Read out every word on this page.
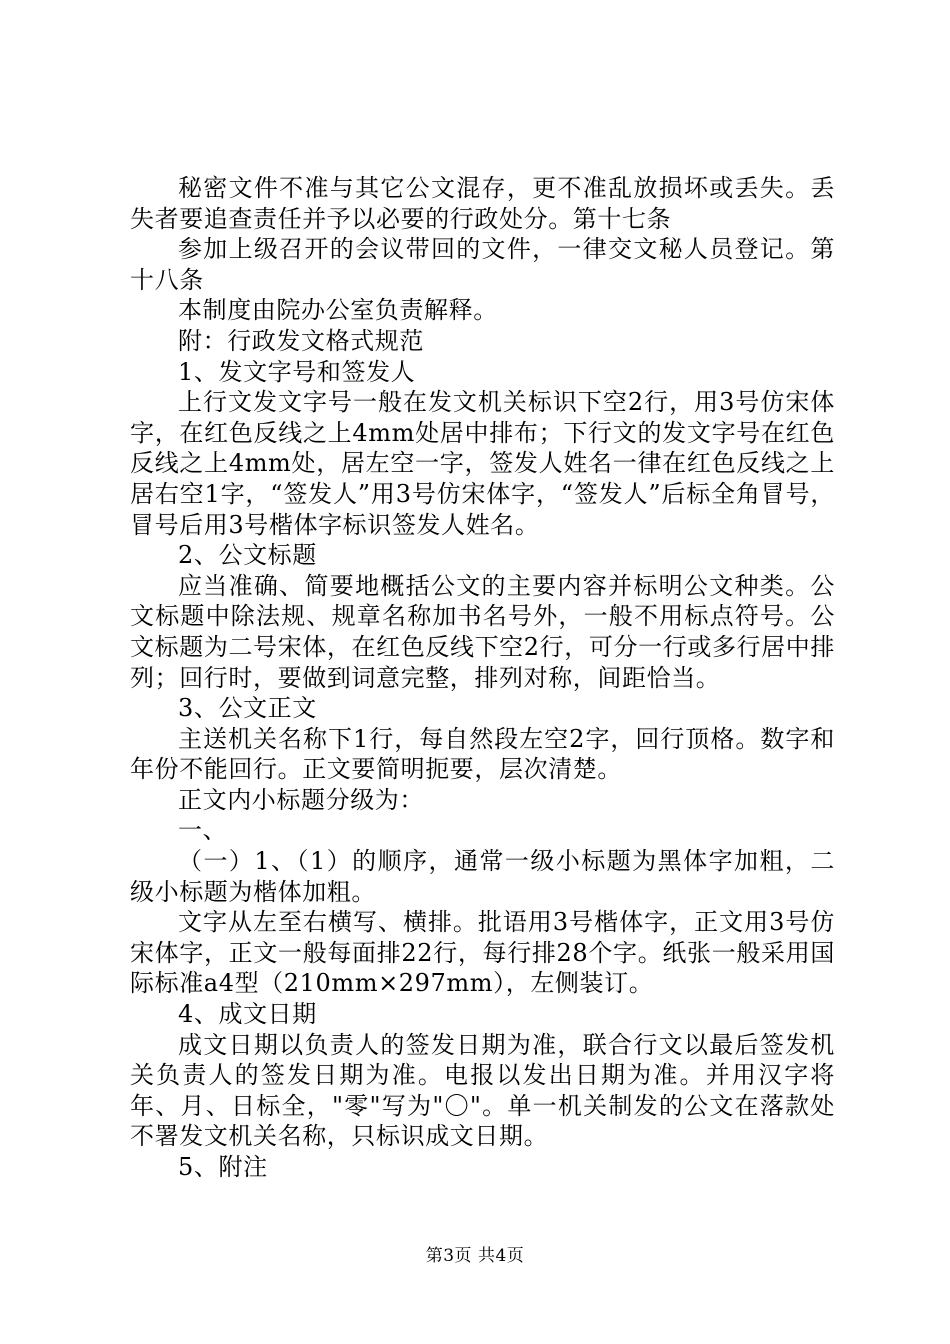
秘密文件不准与其它公文混存，更不准乱放损坏或丢失。丢失者要追查责任并予以必要的行政处分。第十七条

参加上级召开的会议带回的文件，一律交文秘人员登记。第十八条

本制度由院办公室负责解释。

附：行政发文格式规范

1、发文字号和签发人

上行文发文字号一般在发文机关标识下空2行，用3号仿宋体字，在红色反线之上4mm处居中排布；下行文的发文字号在红色反线之上4mm处，居左空一字，签发人姓名一律在红色反线之上居右空1字，“签发人”用3号仿宋体字，“签发人”后标全角冒号，冒号后用3号楷体字标识签发人姓名。

2、公文标题

应当准确、简要地概括公文的主要内容并标明公文种类。公文标题中除法规、规章名称加书名号外，一般不用标点符号。公文标题为二号宋体，在红色反线下空2行，可分一行或多行居中排列；回行时，要做到词意完整，排列对称，间距恰当。

3、公文正文

主送机关名称下1行，每自然段左空2字，回行顶格。数字和年份不能回行。正文要简明扼要，层次清楚。

正文内小标题分级为：

一、

（一）1、（1）的顺序，通常一级小标题为黑体字加粗，二级小标题为楷体加粗。

文字从左至右横写、横排。批语用3号楷体字，正文用3号仿宋体字，正文一般每面排22行，每行排28个字。纸张一般采用国际标准a4型（210mm×297mm），左侧装订。

4、成文日期

成文日期以负责人的签发日期为准，联合行文以最后签发机关负责人的签发日期为准。电报以发出日期为准。并用汉字将年、月、日标全，"零"写为"〇"。单一机关制发的公文在落款处不署发文机关名称，只标识成文日期。

5、附注

第3页 共4页
